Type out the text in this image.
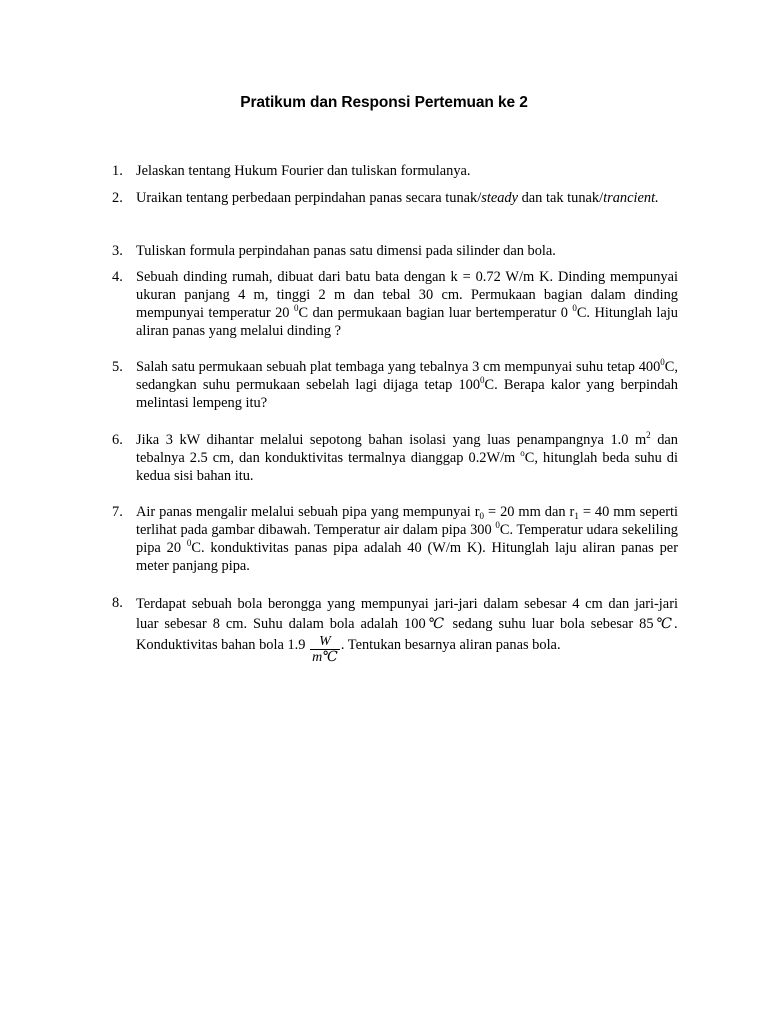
Pratikum dan Responsi Pertemuan ke 2
1. Jelaskan tentang Hukum Fourier dan tuliskan formulanya.
2. Uraikan tentang perbedaan perpindahan panas secara tunak/steady dan tak tunak/trancient.
3. Tuliskan formula perpindahan panas satu dimensi pada silinder dan bola.
4. Sebuah dinding rumah, dibuat dari batu bata dengan k = 0.72 W/m K. Dinding mempunyai ukuran panjang 4 m, tinggi 2 m dan tebal 30 cm. Permukaan bagian dalam dinding mempunyai temperatur 20 $^0$C dan permukaan bagian luar bertemperatur 0 $^0$C. Hitunglah laju aliran panas yang melalui dinding ?
5. Salah satu permukaan sebuah plat tembaga yang tebalnya 3 cm mempunyai suhu tetap $400^0C$, sedangkan suhu permukaan sebelah lagi dijaga tetap $100^0C$. Berapa kalor yang berpindah melintasi lempeng itu?
6. Jika 3 kW dihantar melalui sepotong bahan isolasi yang luas penampangnya 1.0 $m^2$ dan tebalnya 2.5 cm, dan konduktivitas termalnya dianggap 0.2W/m $^o$C, hitunglah beda suhu di kedua sisi bahan itu.
7. Air panas mengalir melalui sebuah pipa yang mempunyai $r_0 = 20$ mm dan $r_1 = 40$ mm seperti terlihat pada gambar dibawah. Temperatur air dalam pipa 300 $^0$C. Temperatur udara sekeliling pipa 20 $^0$C. konduktivitas panas pipa adalah 40 (W/m K). Hitunglah laju aliran panas per meter panjang pipa.
8. Terdapat sebuah bola berongga yang mempunyai jari-jari dalam sebesar 4 cm dan jari-jari luar sebesar 8 cm. Suhu dalam bola adalah 100℃ sedang suhu luar bola sebesar 85℃. Konduktivitas bahan bola $1.9 \frac{W}{m℃}$ . Tentukan besarnya aliran panas bola.
